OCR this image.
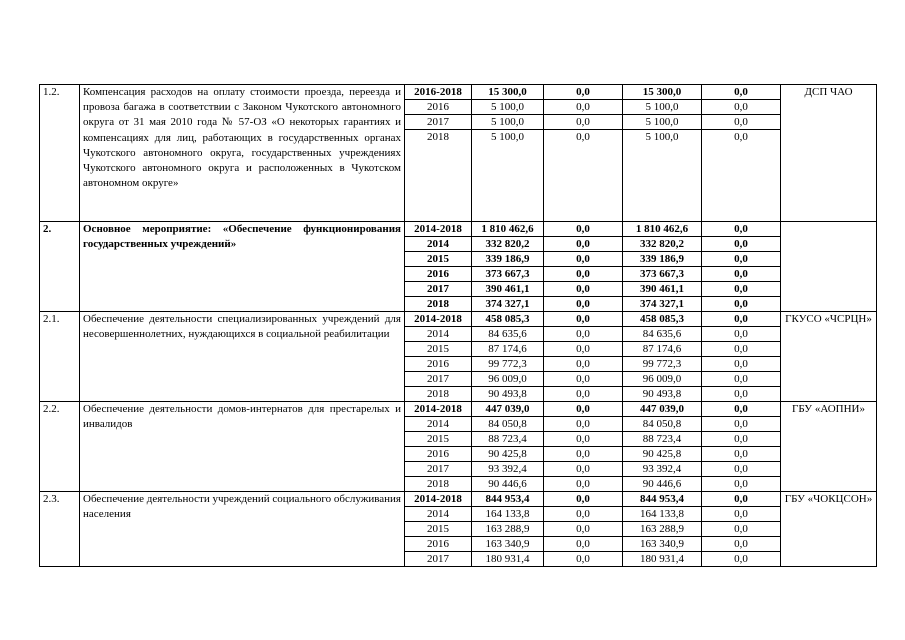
1.2.	Компенсация расходов на оплату стоимости проезда, переезда и провоза багажа в соответствии с Законом Чукотского автономного округа от 31 мая 2010 года № 57-ОЗ «О некоторых гарантиях и компенсациях для лиц, работающих в государственных органах Чукотского автономного округа, государственных учреждениях Чукотского автономного округа и расположенных в Чукотском автономном округе»	2016-2018	15 300,0	0,0	15 300,0	0,0	ДСП ЧАО
		2016	5 100,0	0,0	5 100,0	0,0	
		2017	5 100,0	0,0	5 100,0	0,0	
		2018	5 100,0	0,0	5 100,0	0,0	
2.	Основное мероприятие: «Обеспечение функционирования государственных учреждений»	2014-2018	1 810 462,6	0,0	1 810 462,6	0,0	
		2014	332 820,2	0,0	332 820,2	0,0	
		2015	339 186,9	0,0	339 186,9	0,0	
		2016	373 667,3	0,0	373 667,3	0,0	
		2017	390 461,1	0,0	390 461,1	0,0	
		2018	374 327,1	0,0	374 327,1	0,0	
2.1.	Обеспечение деятельности специализированных учреждений для несовершеннолетних, нуждающихся в социальной реабилитации	2014-2018	458 085,3	0,0	458 085,3	0,0	ГКУСО «ЧСРЦН»
		2014	84 635,6	0,0	84 635,6	0,0	
		2015	87 174,6	0,0	87 174,6	0,0	
		2016	99 772,3	0,0	99 772,3	0,0	
		2017	96 009,0	0,0	96 009,0	0,0	
		2018	90 493,8	0,0	90 493,8	0,0	
2.2.	Обеспечение деятельности домов-интернатов для престарелых и инвалидов	2014-2018	447 039,0	0,0	447 039,0	0,0	ГБУ «АОПНИ»
		2014	84 050,8	0,0	84 050,8	0,0	
		2015	88 723,4	0,0	88 723,4	0,0	
		2016	90 425,8	0,0	90 425,8	0,0	
		2017	93 392,4	0,0	93 392,4	0,0	
		2018	90 446,6	0,0	90 446,6	0,0	
2.3.	Обеспечение деятельности учреждений социального обслуживания населения	2014-2018	844 953,4	0,0	844 953,4	0,0	ГБУ «ЧОКЦСОН»
		2014	164 133,8	0,0	164 133,8	0,0	
		2015	163 288,9	0,0	163 288,9	0,0	
		2016	163 340,9	0,0	163 340,9	0,0	
		2017	180 931,4	0,0	180 931,4	0,0	
